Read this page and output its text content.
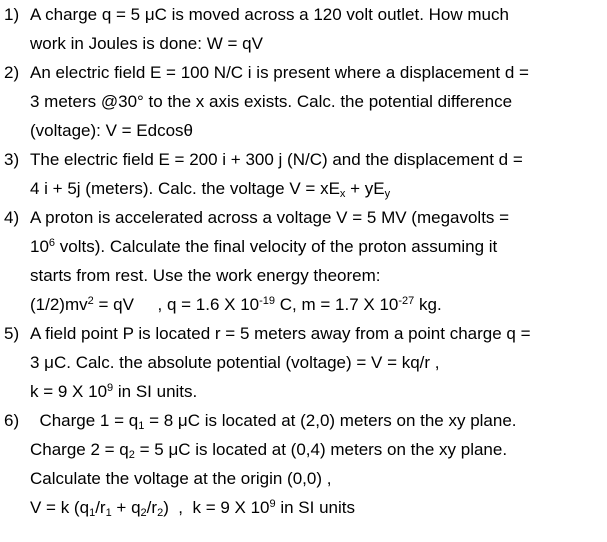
1) A charge q = 5 μC is moved across a 120 volt outlet. How much
work in Joules is done: W = qV
2) An electric field E = 100 N/C i is present where a displacement d =
3 meters @30° to the x axis exists. Calc. the potential difference
(voltage): V = Edcosθ
3) The electric field E = 200 i + 300 j (N/C) and the displacement d =
4 i + 5j (meters). Calc. the voltage $V = xE_x + yE_y$
4) A proton is accelerated across a voltage V = 5 MV (megavolts =
$10^6$ volts). Calculate the final velocity of the proton assuming it
starts from rest. Use the work energy theorem:
$(1/2)mv^2$ = qV     , q = 1.6 X $10^{-19}$ C, m = 1.7 X $10^{-27}$ kg.
5) A field point P is located r = 5 meters away from a point charge q =
3 μC. Calc. the absolute potential (voltage) = V = kq/r ,
k = 9 X $10^9$ in SI units.
6) Charge $1 = q_1 = 8$ μC is located at (2,0) meters on the xy plane.
Charge $2 = q_2 = 5$ μC is located at (0,4) meters on the xy plane.
Calculate the voltage at the origin (0,0) ,
V = k $(q_1/r_1 + q_2/r_2)$  ,  k = 9 X $10^9$ in SI units
